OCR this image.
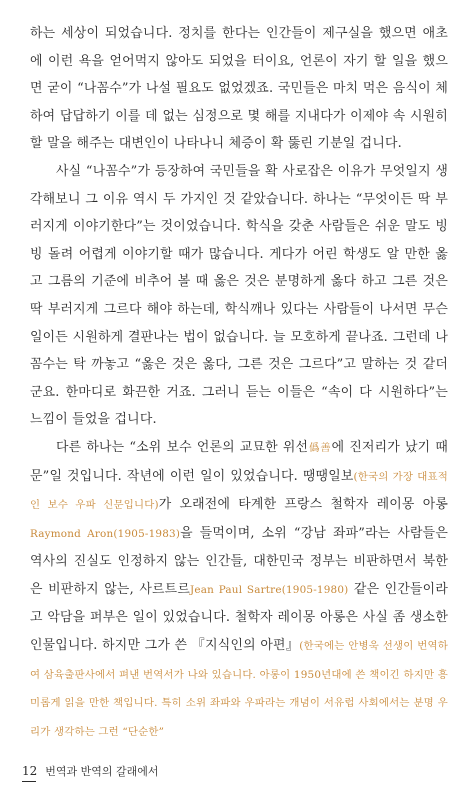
하는 세상이 되었습니다. 정치를 한다는 인간들이 제구실을 했으면 애초에 이런 욕을 얻어먹지 않아도 되었을 터이요, 언론이 자기 할 일을 했으면 굳이 “나꼼수”가 나설 필요도 없었겠죠. 국민들은 마치 먹은 음식이 체하여 답답하기 이를 데 없는 심정으로 몇 해를 지내다가 이제야 속 시원히 할 말을 해주는 대변인이 나타나니 체증이 확 뚫린 기분일 겁니다.

사실 “나꼼수”가 등장하여 국민들을 확 사로잡은 이유가 무엇일지 생각해보니 그 이유 역시 두 가지인 것 같았습니다. 하나는 “무엇이든 딱 부러지게 이야기한다”는 것이었습니다. 학식을 갖춘 사람들은 쉬운 말도 빙빙 돌려 어렵게 이야기할 때가 많습니다. 게다가 어린 학생도 알 만한 옳고 그름의 기준에 비추어 볼 때 옳은 것은 분명하게 옳다 하고 그른 것은 딱 부러지게 그르다 해야 하는데, 학식깨나 있다는 사람들이 나서면 무슨 일이든 시원하게 결판나는 법이 없습니다. 늘 모호하게 끝나죠. 그런데 나꼼수는 탁 까놓고 “옳은 것은 옳다, 그른 것은 그르다”고 말하는 것 같더군요. 한마디로 화끈한 거죠. 그러니 듣는 이들은 “속이 다 시원하다”는 느낌이 들었을 겁니다.

다른 하나는 “소위 보수 언론의 교묘한 위선僞善에 진저리가 났기 때문”일 것입니다. 작년에 이런 일이 있었습니다. 땡땡일보(한국의 가장 대표적인 보수 우파 신문입니다)가 오래전에 타계한 프랑스 철학자 레이몽 아롱Raymond Aron(1905-1983)을 들먹이며, 소위 “강남 좌파”라는 사람들은 역사의 진실도 인정하지 않는 인간들, 대한민국 정부는 비판하면서 북한은 비판하지 않는, 사르트르Jean Paul Sartre(1905-1980) 같은 인간들이라고 악담을 퍼부은 일이 있었습니다. 철학자 레이몽 아롱은 사실 좀 생소한 인물입니다. 하지만 그가 쓴 『지식인의 아편』(한국에는 안병욱 선생이 번역하여 삼육출판사에서 펴낸 번역서가 나와 있습니다. 아롱이 1950년대에 쓴 책이긴 하지만 흥미롭게 읽을 만한 책입니다. 특히 소위 좌파와 우파라는 개념이 서유럽 사회에서는 분명 우리가 생각하는 그런 “단순한”

12 번역과 반역의 갈래에서
